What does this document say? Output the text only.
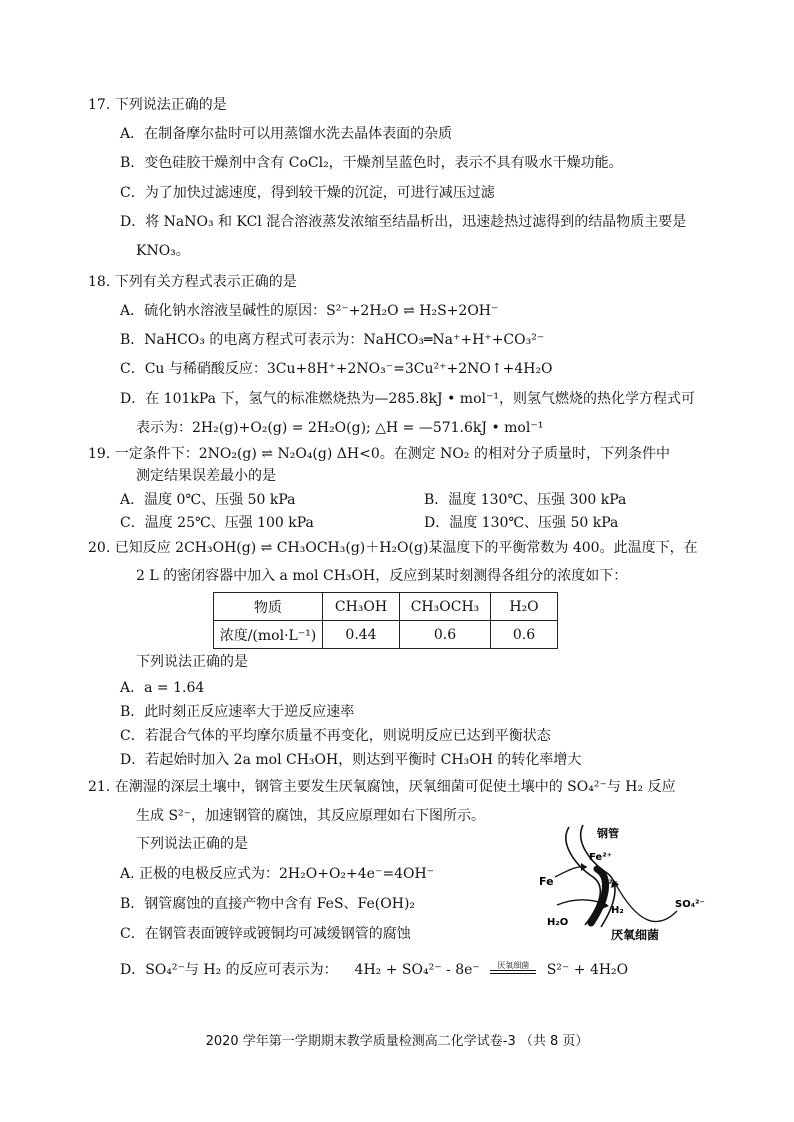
17. 下列说法正确的是
A．在制备摩尔盐时可以用蒸馏水洗去晶体表面的杂质
B．变色硅胶干燥剂中含有 CoCl₂，干燥剂呈蓝色时，表示不具有吸水干燥功能。
C．为了加快过滤速度，得到较干燥的沉淀，可进行减压过滤
D．将 NaNO₃ 和 KCl 混合溶液蒸发浓缩至结晶析出，迅速趁热过滤得到的结晶物质主要是
KNO₃。
18. 下列有关方程式表示正确的是
A．硫化钠水溶液呈碱性的原因：S²⁻+2H₂O ⇌ H₂S+2OH⁻
B．NaHCO₃ 的电离方程式可表示为：NaHCO₃═Na⁺+H⁺+CO₃²⁻
C．Cu 与稀硝酸反应：3Cu+8H⁺+2NO₃⁻=3Cu²⁺+2NO↑+4H₂O
D．在 101kPa 下，氢气的标准燃烧热为—285.8kJ • mol⁻¹，则氢气燃烧的热化学方程式可
表示为：2H₂(g)+O₂(g) = 2H₂O(g); △H = —571.6kJ • mol⁻¹
19. 一定条件下：2NO₂(g) ⇌ N₂O₄(g) ΔH<0。在测定 NO₂ 的相对分子质量时，下列条件中
测定结果误差最小的是
A．温度 0℃、压强 50 kPa	B．温度 130℃、压强 300 kPa
C．温度 25℃、压强 100 kPa	D．温度 130℃、压强 50 kPa
20. 已知反应 2CH₃OH(g) ⇌ CH₃OCH₃(g)＋H₂O(g)某温度下的平衡常数为 400。此温度下，在
2 L 的密闭容器中加入 a mol CH₃OH，反应到某时刻测得各组分的浓度如下：
物质	CH₃OH	CH₃OCH₃	H₂O
浓度/(mol·L⁻¹)	0.44	0.6	0.6
下列说法正确的是
A．a = 1.64
B．此时刻正反应速率大于逆反应速率
C．若混合气体的平均摩尔质量不再变化，则说明反应已达到平衡状态
D．若起始时加入 2a mol CH₃OH，则达到平衡时 CH₃OH 的转化率增大
21. 在潮湿的深层土壤中，钢管主要发生厌氧腐蚀，厌氧细菌可促使土壤中的 SO₄²⁻与 H₂ 反应
生成 S²⁻，加速钢管的腐蚀，其反应原理如右下图所示。
下列说法正确的是
A. 正极的电极反应式为：2H₂O+O₂+4e⁻=4OH⁻
B．钢管腐蚀的直接产物中含有 FeS、Fe(OH)₂
C．在钢管表面镀锌或镀铜均可减缓钢管的腐蚀
D．SO₄²⁻与 H₂ 的反应可表示为： 4H₂ + SO₄²⁻ - 8e⁻	厌氧细菌	S²⁻ + 4H₂O
钢管
Fe²⁺
Fe	S²⁻
H₂O
H₂
SO₄²⁻
厌氧细菌
2020 学年第一学期期末教学质量检测高二化学试卷-3 （共 8 页）
